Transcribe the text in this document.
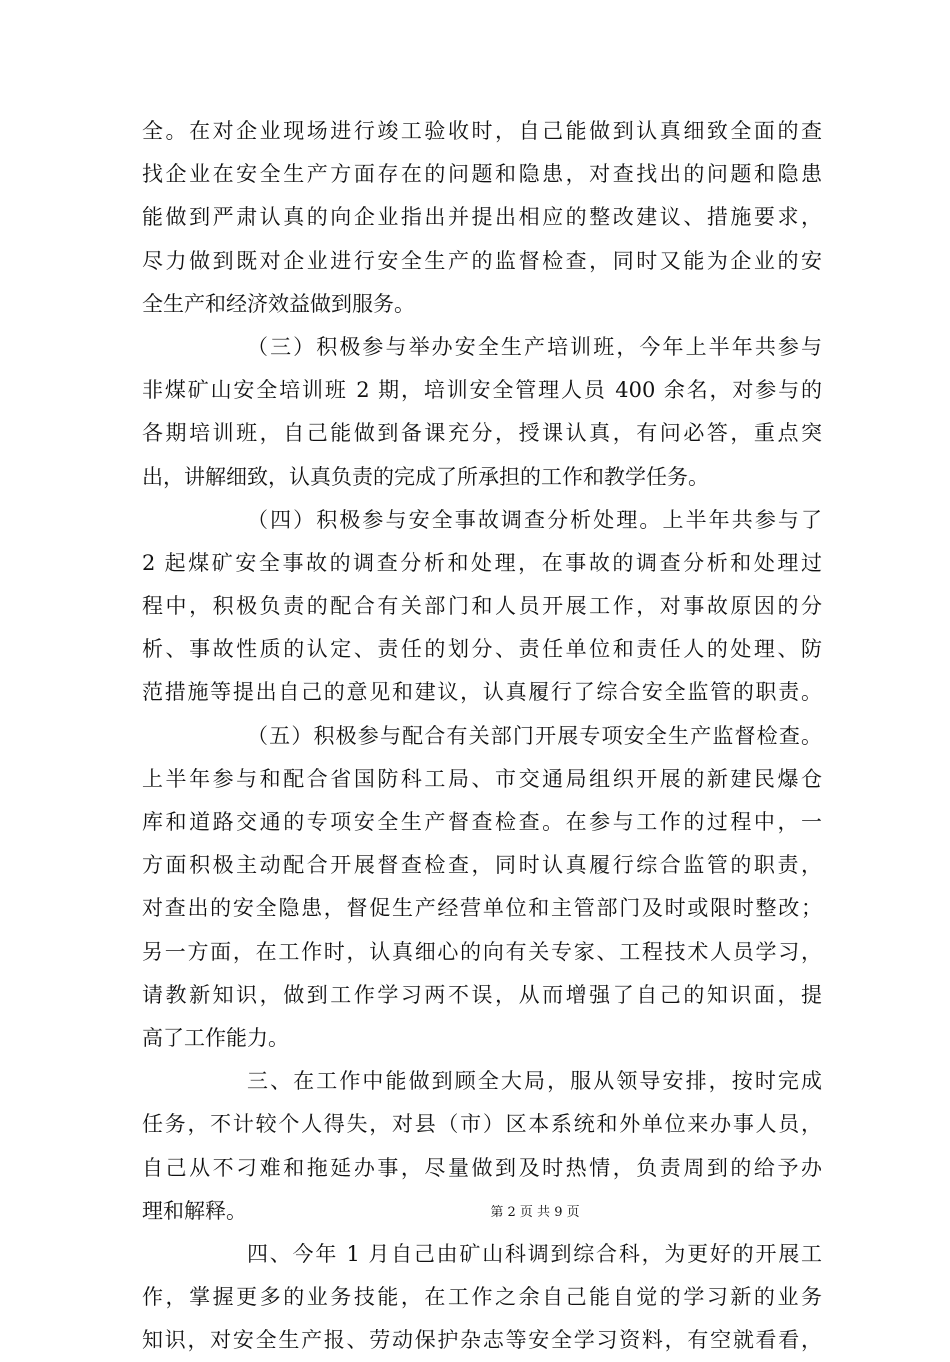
全。在对企业现场进行竣工验收时，自己能做到认真细致全面的查
找企业在安全生产方面存在的问题和隐患，对查找出的问题和隐患
能做到严肃认真的向企业指出并提出相应的整改建议、措施要求，
尽力做到既对企业进行安全生产的监督检查，同时又能为企业的安
全生产和经济效益做到服务。
（三）积极参与举办安全生产培训班，今年上半年共参与
非煤矿山安全培训班 2 期，培训安全管理人员 400 余名，对参与的
各期培训班，自己能做到备课充分，授课认真，有问必答，重点突
出，讲解细致，认真负责的完成了所承担的工作和教学任务。
（四）积极参与安全事故调查分析处理。上半年共参与了
2 起煤矿安全事故的调查分析和处理，在事故的调查分析和处理过
程中，积极负责的配合有关部门和人员开展工作，对事故原因的分
析、事故性质的认定、责任的划分、责任单位和责任人的处理、防
范措施等提出自己的意见和建议，认真履行了综合安全监管的职责。
（五）积极参与配合有关部门开展专项安全生产监督检查。
上半年参与和配合省国防科工局、市交通局组织开展的新建民爆仓
库和道路交通的专项安全生产督查检查。在参与工作的过程中，一
方面积极主动配合开展督查检查，同时认真履行综合监管的职责，
对查出的安全隐患，督促生产经营单位和主管部门及时或限时整改；
另一方面，在工作时，认真细心的向有关专家、工程技术人员学习，
请教新知识，做到工作学习两不误，从而增强了自己的知识面，提
高了工作能力。
三、在工作中能做到顾全大局，服从领导安排，按时完成
任务，不计较个人得失，对县（市）区本系统和外单位来办事人员，
自己从不刁难和拖延办事，尽量做到及时热情，负责周到的给予办
理和解释。
四、今年 1 月自己由矿山科调到综合科，为更好的开展工
作，掌握更多的业务技能，在工作之余自己能自觉的学习新的业务
知识，对安全生产报、劳动保护杂志等安全学习资料，有空就看看，
第 2 页 共 9 页
